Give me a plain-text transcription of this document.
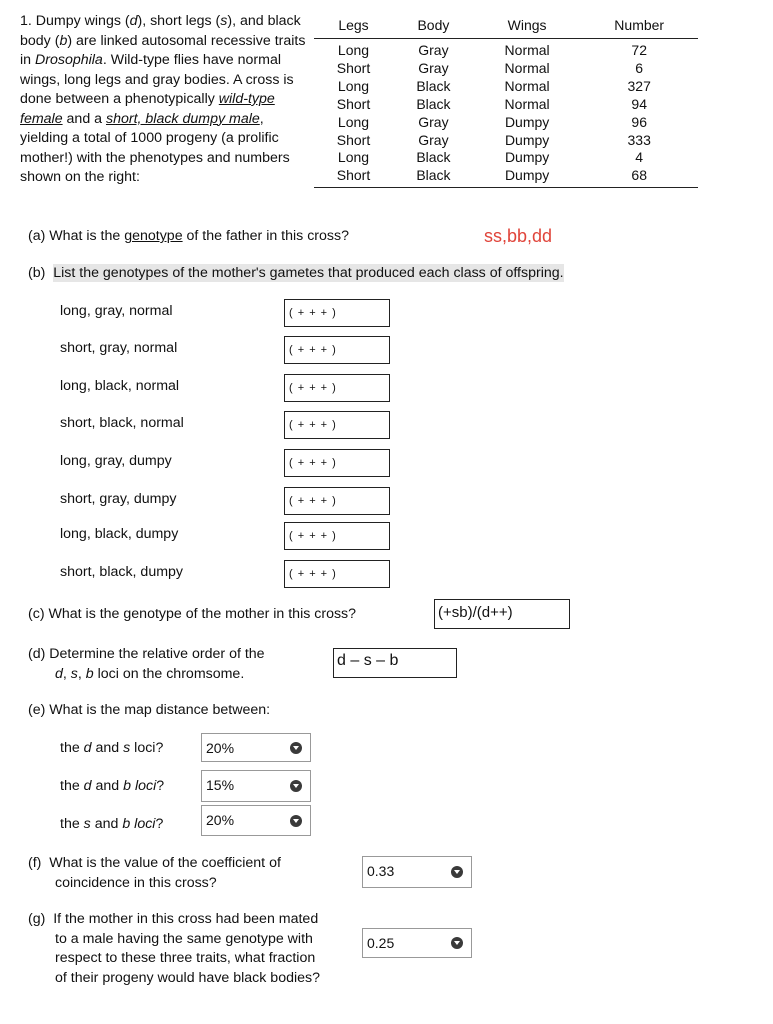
1. Dumpy wings (d), short legs (s), and black body (b) are linked autosomal recessive traits in Drosophila. Wild-type flies have normal wings, long legs and gray bodies. A cross is done between a phenotypically wild-type female and a short, black dumpy male, yielding a total of 1000 progeny (a prolific mother!) with the phenotypes and numbers shown on the right:
Legs	Body	Wings	Number
Long	Gray	Normal	72
Short	Gray	Normal	6
Long	Black	Normal	327
Short	Black	Normal	94
Long	Gray	Dumpy	96
Short	Gray	Dumpy	333
Long	Black	Dumpy	4
Short	Black	Dumpy	68
(a) What is the genotype of the father in this cross?	ss,bb,dd
(b) List the genotypes of the mother's gametes that produced each class of offspring.
long, gray, normal	( + + + )
short, gray, normal	( + + + )
long, black, normal	( + + + )
short, black, normal	( + + + )
long, gray, dumpy	( + + + )
short, gray, dumpy	( + + + )
long, black, dumpy	( + + + )
short, black, dumpy	( + + + )
(c) What is the genotype of the mother in this cross?	(+sb)/(d++)
(d) Determine the relative order of the
d, s, b loci on the chromsome.
d – s – b
(e) What is the map distance between:
the d and s loci?	20%
the d and b loci?	15%
the s and b loci?	20%
(f) What is the value of the coefficient of
coincidence in this cross?
0.33
(g) If the mother in this cross had been mated
to a male having the same genotype with
respect to these three traits, what fraction
of their progeny would have black bodies?
0.25
